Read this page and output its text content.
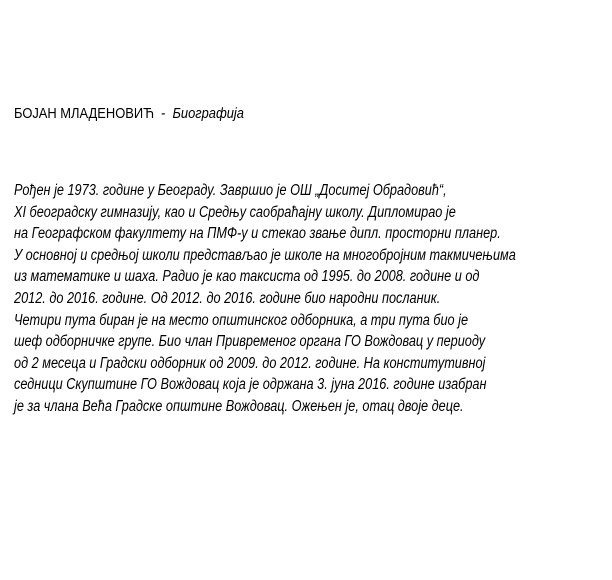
БОЈАН МЛАДЕНОВИЋ - Биографија
Рођен је 1973. године у Београду. Завршио је ОШ „Доситеј Обрадовић“,
XI београдску гимназију, као и Средњу саобраћајну школу. Дипломирао је
на Географском факултету на ПМФ-у и стекао звање дипл. просторни планер.
У основној и средњој школи представљао је школе на многобројним такмичењима
из математике и шаха. Радио је као таксиста од 1995. до 2008. године и од
2012. до 2016. године. Од 2012. до 2016. године био народни посланик.
Четири пута биран је на место општинског одборника, а три пута био је
шеф одборничке групе. Био члан Привременог органа ГО Вождовац у периоду
од 2 месеца и Градски одборник од 2009. до 2012. године. На конститутивној
седници Скупштине ГО Вождовац која је одржана 3. јуна 2016. године изабран
је за члана Већа Градске општине Вождовац. Ожењен је, отац двоје деце.
